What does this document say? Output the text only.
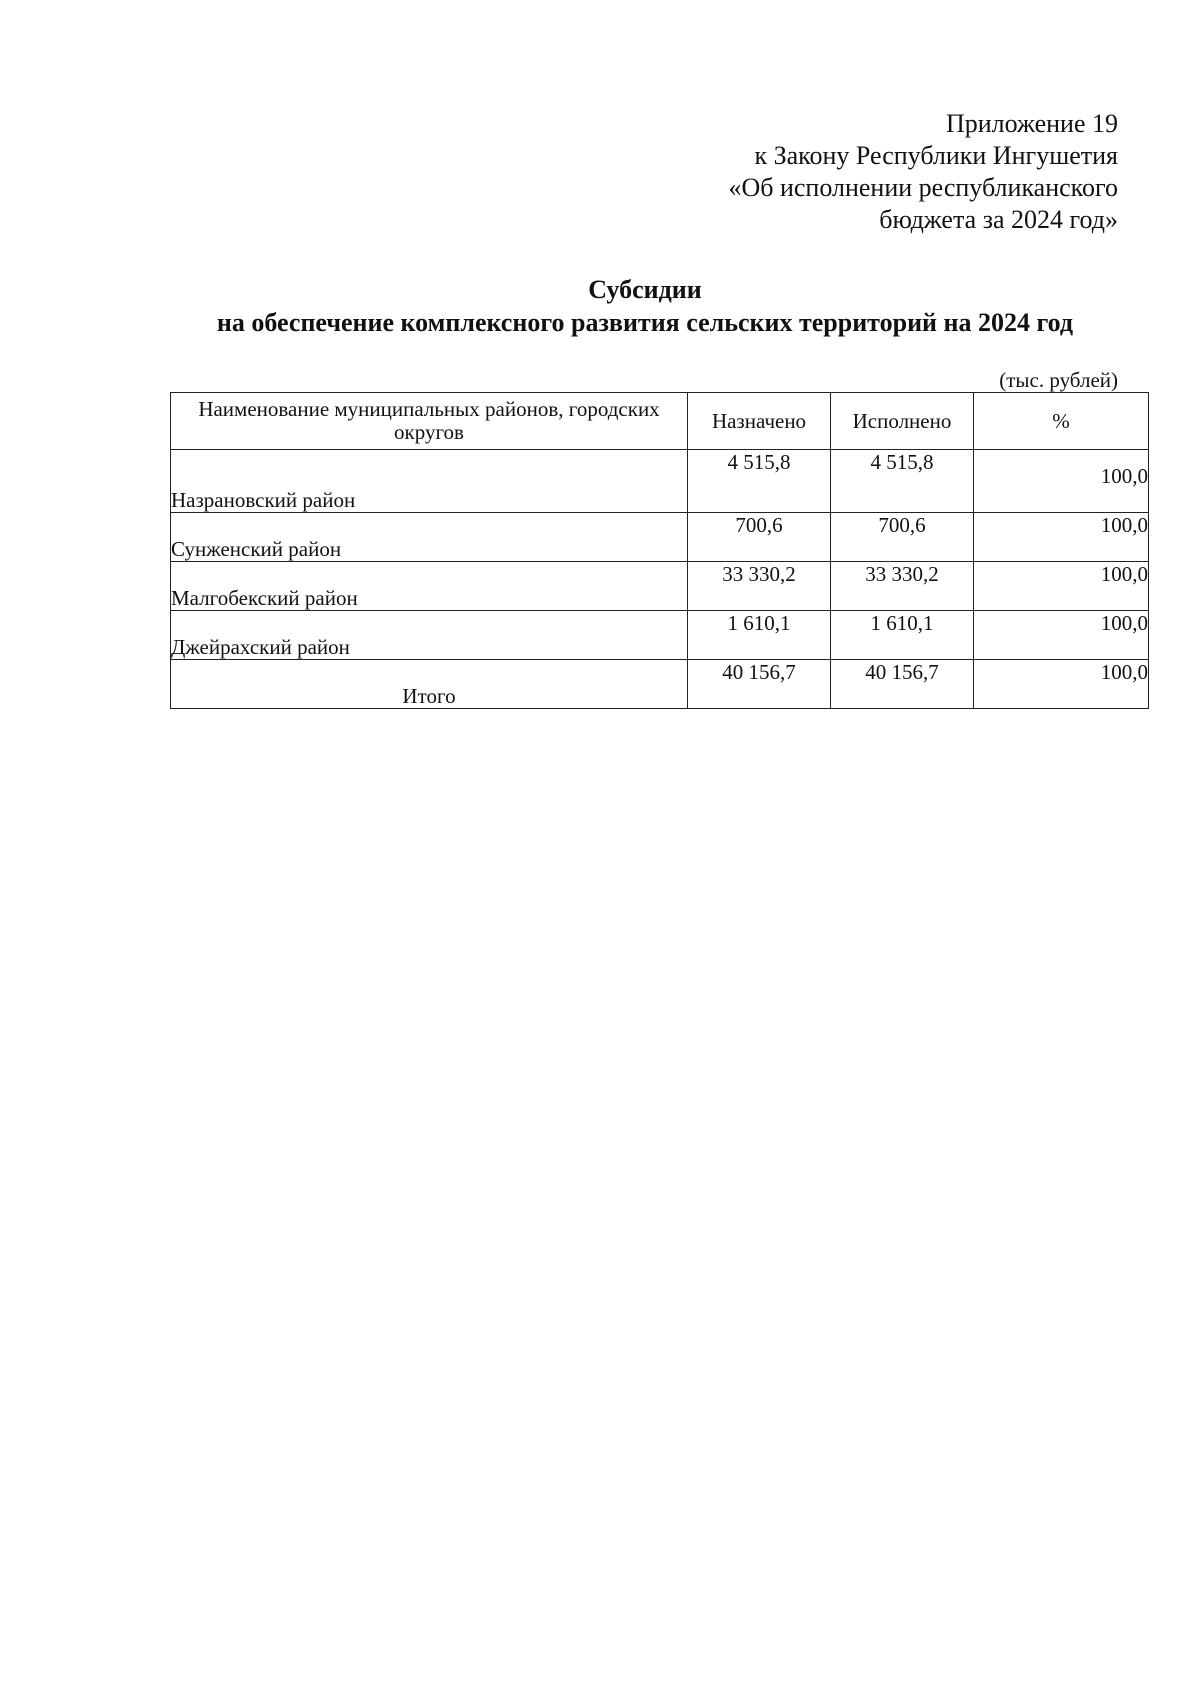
Приложение 19
к Закону Республики Ингушетия
«Об исполнении республиканского
бюджета за 2024 год»
Субсидии
на обеспечение комплексного развития сельских территорий на 2024 год
(тыс. рублей)
Наименование муниципальных районов, городских округов	Назначено	Исполнено	%
Назрановский район	4 515,8	4 515,8	100,0
Сунженский район	700,6	700,6	100,0
Малгобекский район	33 330,2	33 330,2	100,0
Джейрахский район	1 610,1	1 610,1	100,0
Итого	40 156,7	40 156,7	100,0
